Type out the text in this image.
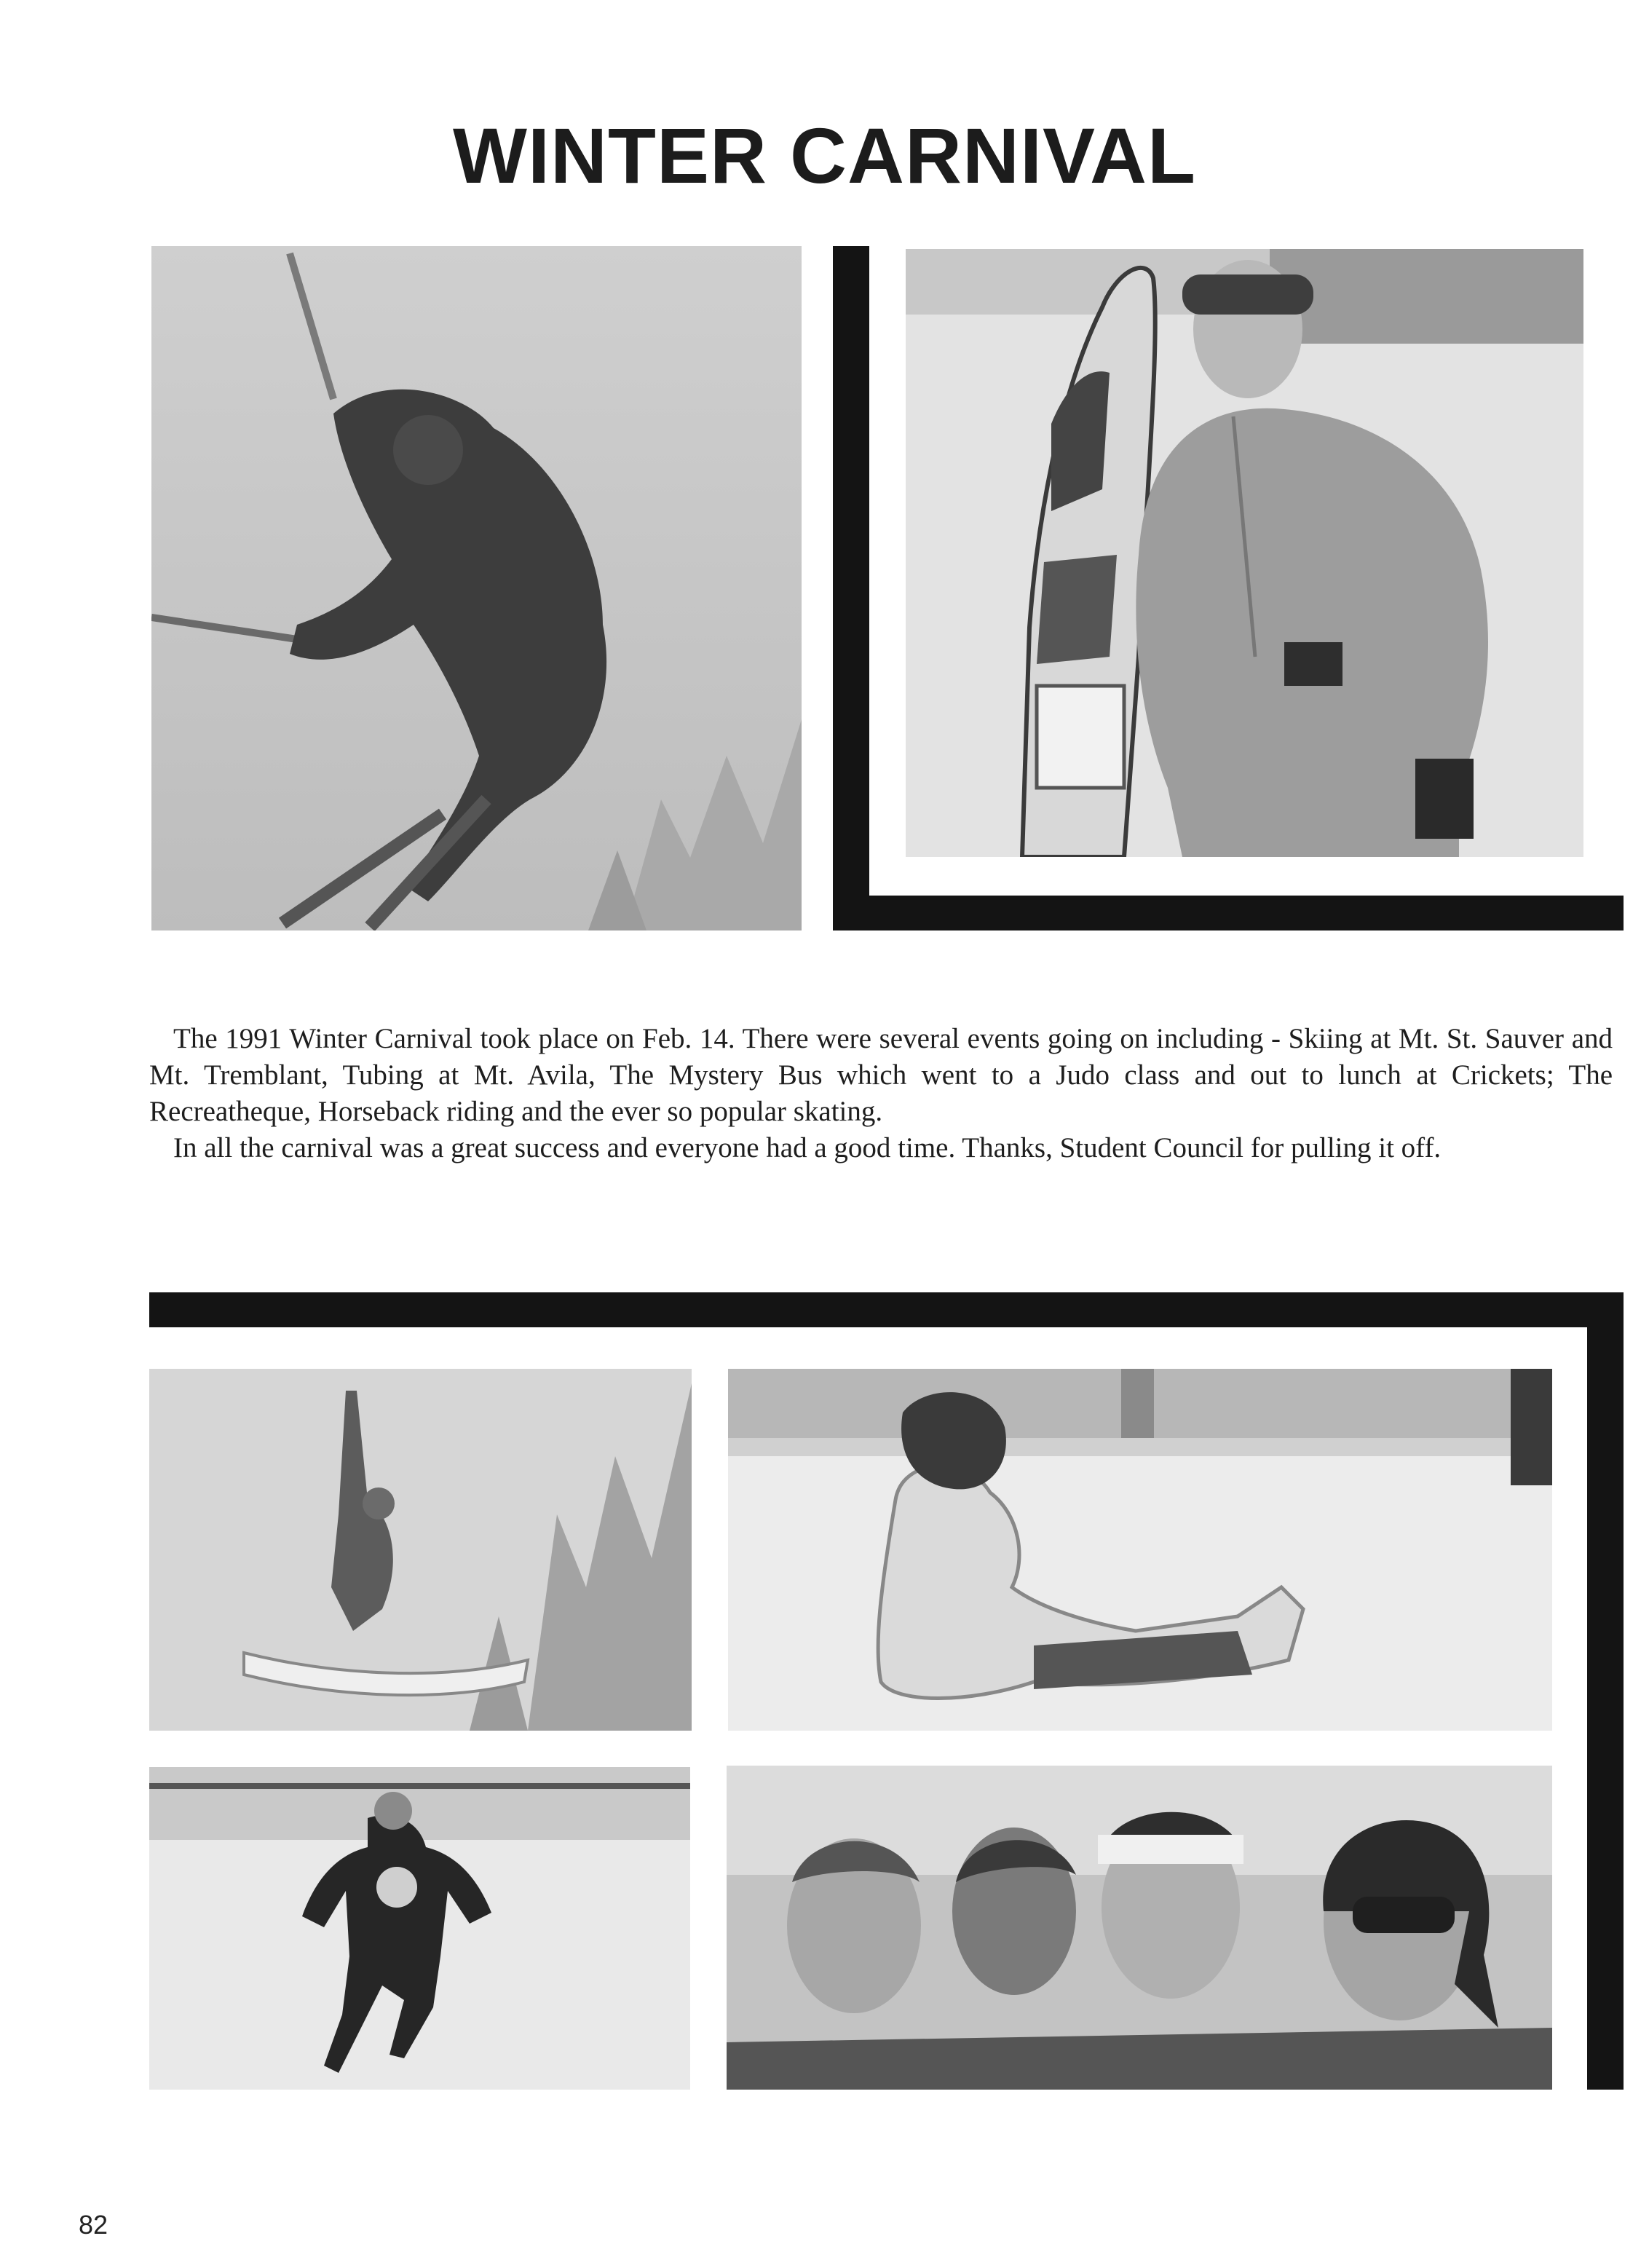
WINTER CARNIVAL

The 1991 Winter Carnival took place on Feb. 14. There were several events going on including - Skiing at Mt. St. Sauver and Mt. Tremblant, Tubing at Mt. Avila, The Mystery Bus which went to a Judo class and out to lunch at Crickets; The Recreatheque, Horseback riding and the ever so popular skating.

In all the carnival was a great success and everyone had a good time. Thanks, Student Council for pulling it off.

82
